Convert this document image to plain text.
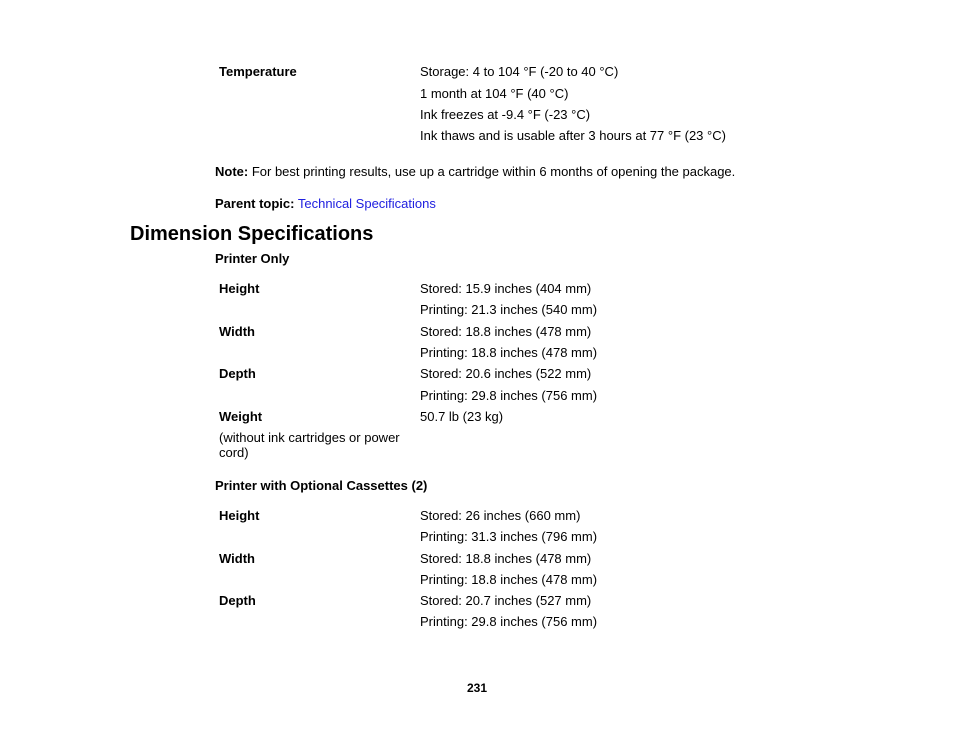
Temperature	Storage: 4 to 104 °F (-20 to 40 °C)
1 month at 104 °F (40 °C)
Ink freezes at -9.4 °F (-23 °C)
Ink thaws and is usable after 3 hours at 77 °F (23 °C)
Note: For best printing results, use up a cartridge within 6 months of opening the package.
Parent topic: Technical Specifications
Dimension Specifications
Printer Only
Height	Stored: 15.9 inches (404 mm)
Printing: 21.3 inches (540 mm)
Width	Stored: 18.8 inches (478 mm)
Printing: 18.8 inches (478 mm)
Depth	Stored: 20.6 inches (522 mm)
Printing: 29.8 inches (756 mm)
Weight	50.7 lb (23 kg)
(without ink cartridges or power cord)
Printer with Optional Cassettes (2)
Height	Stored: 26 inches (660 mm)
Printing: 31.3 inches (796 mm)
Width	Stored: 18.8 inches (478 mm)
Printing: 18.8 inches (478 mm)
Depth	Stored: 20.7 inches (527 mm)
Printing: 29.8 inches (756 mm)
231
